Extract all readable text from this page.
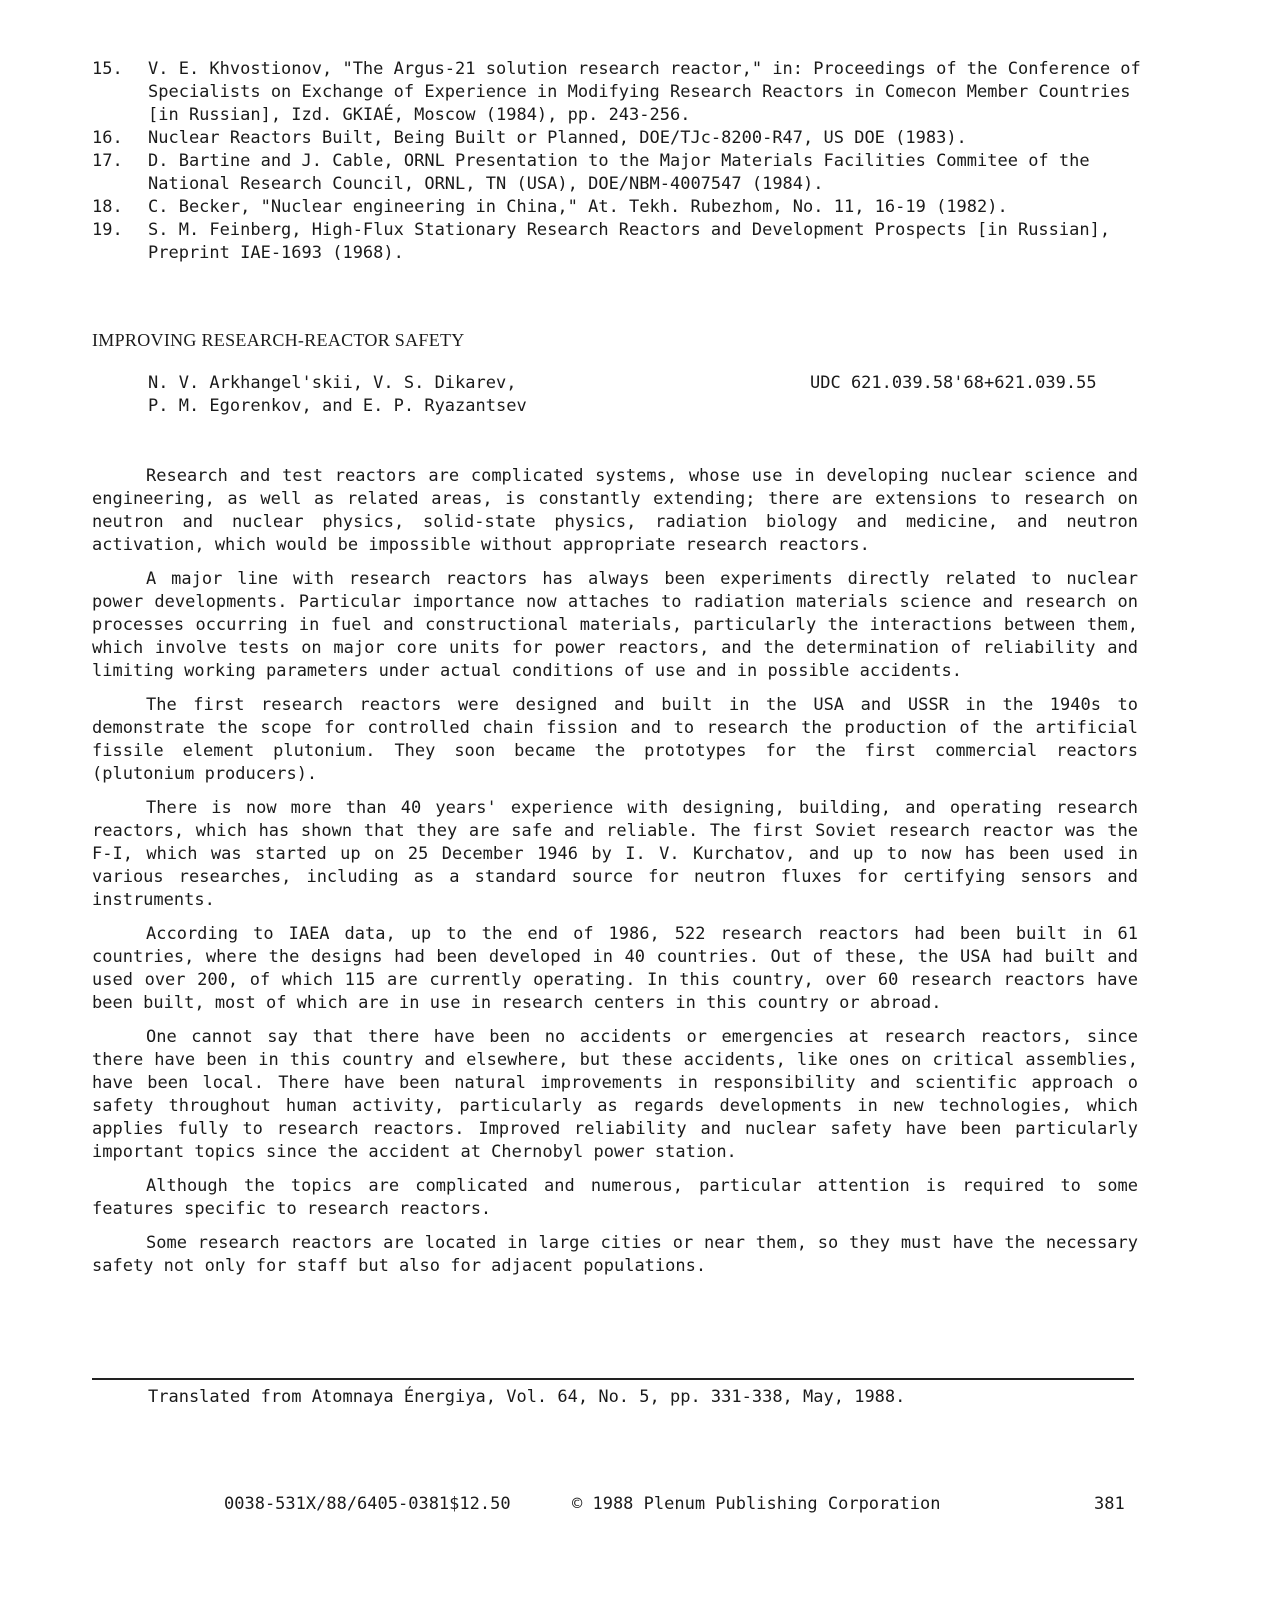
15.	V. E. Khvostionov, "The Argus-21 solution research reactor," in: Proceedings of the Conference of Specialists on Exchange of Experience in Modifying Research Reactors in Comecon Member Countries [in Russian], Izd. GKIAÉ, Moscow (1984), pp. 243-256.
16.	Nuclear Reactors Built, Being Built or Planned, DOE/TJc-8200-R47, US DOE (1983).
17.	D. Bartine and J. Cable, ORNL Presentation to the Major Materials Facilities Commitee of the National Research Council, ORNL, TN (USA), DOE/NBM-4007547 (1984).
18.	C. Becker, "Nuclear engineering in China," At. Tekh. Rubezhom, No. 11, 16-19 (1982).
19.	S. M. Feinberg, High-Flux Stationary Research Reactors and Development Prospects [in Russian], Preprint IAE-1693 (1968).
IMPROVING RESEARCH-REACTOR SAFETY
N. V. Arkhangel'skii, V. S. Dikarev,
P. M. Egorenkov, and E. P. Ryazantsev
UDC 621.039.58'68+621.039.55

Research and test reactors are complicated systems, whose use in developing nuclear science and engineering, as well as related areas, is constantly extending; there are extensions to research on neutron and nuclear physics, solid-state physics, radiation biology and medicine, and neutron activation, which would be impossible without appropriate research reactors.

A major line with research reactors has always been experiments directly related to nuclear power developments. Particular importance now attaches to radiation materials science and research on processes occurring in fuel and constructional materials, particularly the interactions between them, which involve tests on major core units for power reactors, and the determination of reliability and limiting working parameters under actual conditions of use and in possible accidents.

The first research reactors were designed and built in the USA and USSR in the 1940s to demonstrate the scope for controlled chain fission and to research the production of the artificial fissile element plutonium. They soon became the prototypes for the first commercial reactors (plutonium producers).

There is now more than 40 years' experience with designing, building, and operating research reactors, which has shown that they are safe and reliable. The first Soviet research reactor was the F-I, which was started up on 25 December 1946 by I. V. Kurchatov, and up to now has been used in various researches, including as a standard source for neutron fluxes for certifying sensors and instruments.

According to IAEA data, up to the end of 1986, 522 research reactors had been built in 61 countries, where the designs had been developed in 40 countries. Out of these, the USA had built and used over 200, of which 115 are currently operating. In this country, over 60 research reactors have been built, most of which are in use in research centers in this country or abroad.

One cannot say that there have been no accidents or emergencies at research reactors, since there have been in this country and elsewhere, but these accidents, like ones on critical assemblies, have been local. There have been natural improvements in responsibility and scientific approach o safety throughout human activity, particularly as regards developments in new technologies, which applies fully to research reactors. Improved reliability and nuclear safety have been particularly important topics since the accident at Chernobyl power station.

Although the topics are complicated and numerous, particular attention is required to some features specific to research reactors.

Some research reactors are located in large cities or near them, so they must have the necessary safety not only for staff but also for adjacent populations.

Translated from Atomnaya Énergiya, Vol. 64, No. 5, pp. 331-338, May, 1988.

0038-531X/88/6405-0381$12.50	© 1988 Plenum Publishing Corporation	381
